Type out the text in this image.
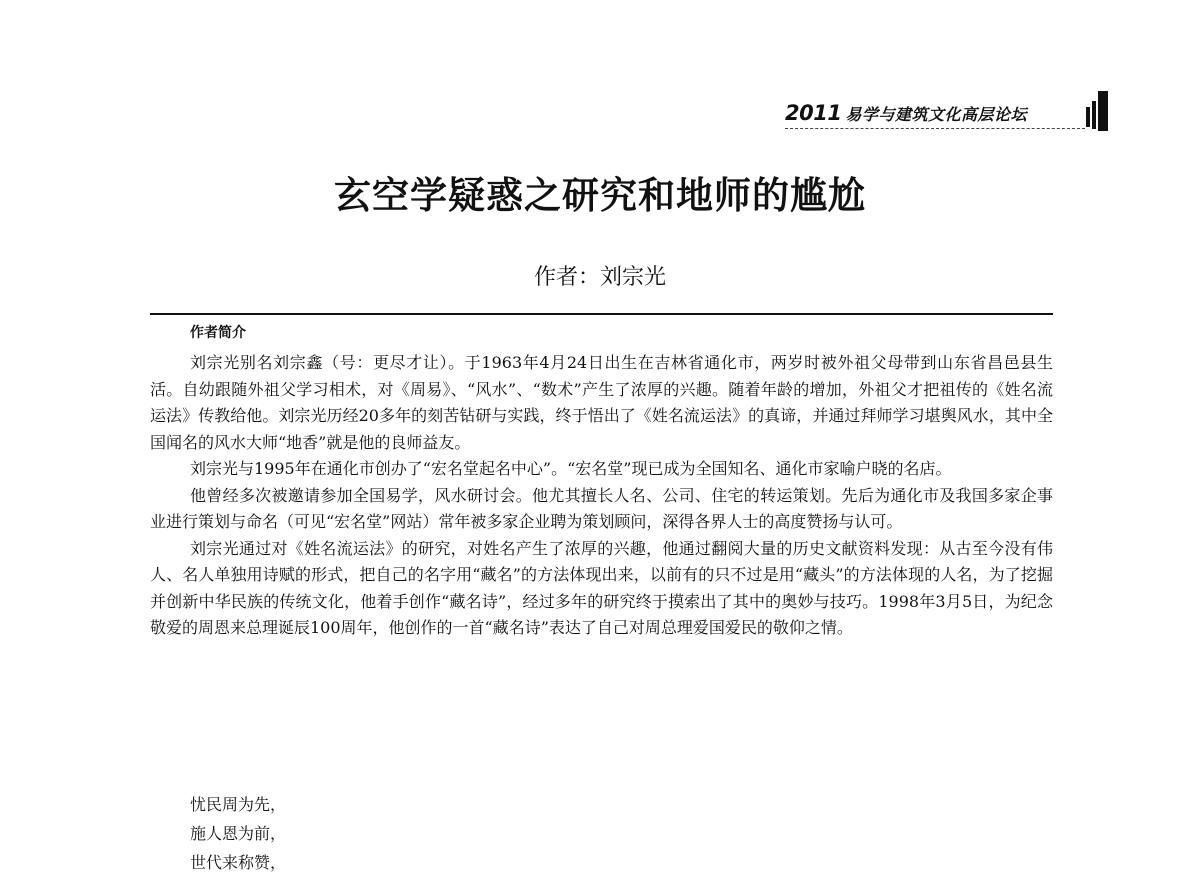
2011 易学与建筑文化高层论坛
玄空学疑惑之研究和地师的尴尬
作者：刘宗光
作者简介

刘宗光别名刘宗鑫（号：更尽才让）。于1963年4月24日出生在吉林省通化市，两岁时被外祖父母带到山东省昌邑县生活。自幼跟随外祖父学习相术，对《周易》、“风水”、“数术”产生了浓厚的兴趣。随着年龄的增加，外祖父才把祖传的《姓名流运法》传教给他。刘宗光历经20多年的刻苦钻研与实践，终于悟出了《姓名流运法》的真谛，并通过拜师学习堪舆风水，其中全国闻名的风水大师“地香”就是他的良师益友。

刘宗光与1995年在通化市创办了“宏名堂起名中心”。“宏名堂”现已成为全国知名、通化市家喻户晓的名店。

他曾经多次被邀请参加全国易学，风水研讨会。他尤其擅长人名、公司、住宅的转运策划。先后为通化市及我国多家企事业进行策划与命名（可见“宏名堂”网站）常年被多家企业聘为策划顾问，深得各界人士的高度赞扬与认可。

刘宗光通过对《姓名流运法》的研究，对姓名产生了浓厚的兴趣，他通过翻阅大量的历史文献资料发现：从古至今没有伟人、名人单独用诗赋的形式，把自己的名字用“藏名”的方法体现出来，以前有的只不过是用“藏头”的方法体现的人名，为了挖掘并创新中华民族的传统文化，他着手创作“藏名诗”，经过多年的研究终于摸索出了其中的奥妙与技巧。1998年3月5日，为纪念敬爱的周恩来总理诞辰100周年，他创作的一首“藏名诗”表达了自己对周总理爱国爱民的敬仰之情。

忧民周为先，
施人恩为前，
世代来称赞，
